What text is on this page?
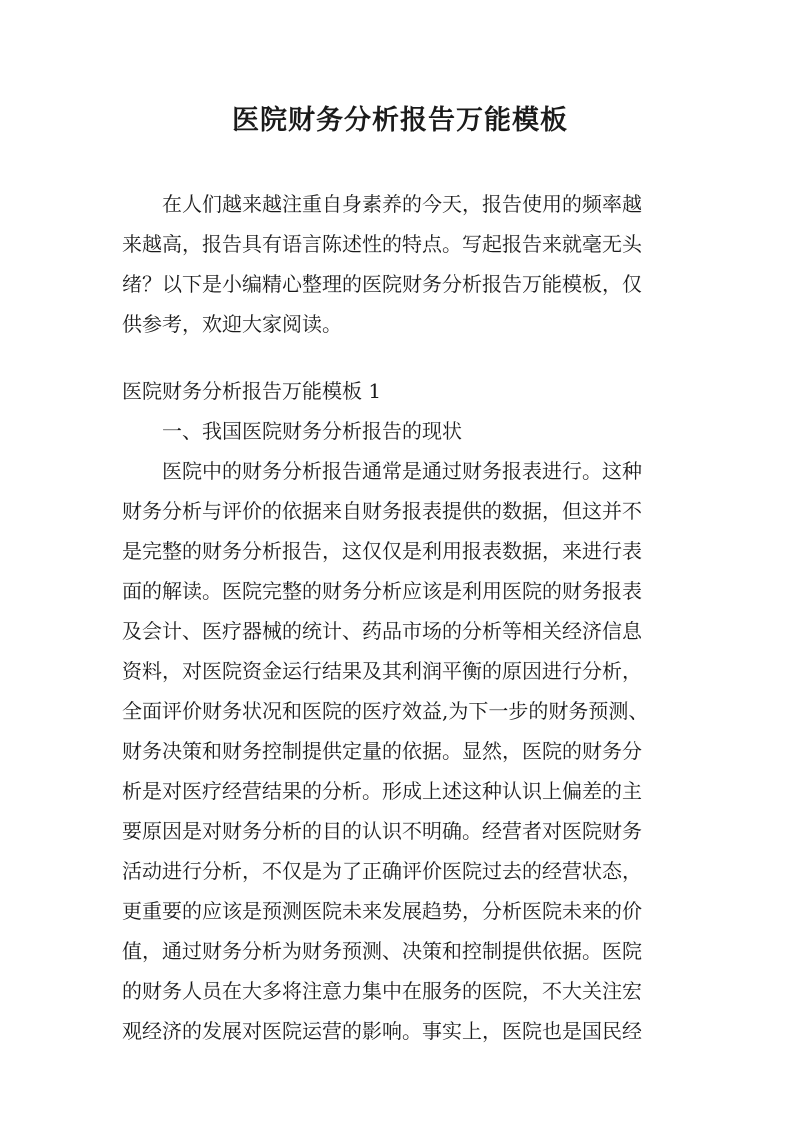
医院财务分析报告万能模板
在人们越来越注重自身素养的今天，报告使用的频率越
来越高，报告具有语言陈述性的特点。写起报告来就毫无头
绪？以下是小编精心整理的医院财务分析报告万能模板，仅
供参考，欢迎大家阅读。
医院财务分析报告万能模板 1
一、我国医院财务分析报告的现状
医院中的财务分析报告通常是通过财务报表进行。这种
财务分析与评价的依据来自财务报表提供的数据，但这并不
是完整的财务分析报告，这仅仅是利用报表数据，来进行表
面的解读。医院完整的财务分析应该是利用医院的财务报表
及会计、医疗器械的统计、药品市场的分析等相关经济信息
资料，对医院资金运行结果及其利润平衡的原因进行分析，
全面评价财务状况和医院的医疗效益,为下一步的财务预测、
财务决策和财务控制提供定量的依据。显然，医院的财务分
析是对医疗经营结果的分析。形成上述这种认识上偏差的主
要原因是对财务分析的目的认识不明确。经营者对医院财务
活动进行分析，不仅是为了正确评价医院过去的经营状态，
更重要的应该是预测医院未来发展趋势，分析医院未来的价
值，通过财务分析为财务预测、决策和控制提供依据。医院
的财务人员在大多将注意力集中在服务的医院，不大关注宏
观经济的发展对医院运营的影响。事实上，医院也是国民经
